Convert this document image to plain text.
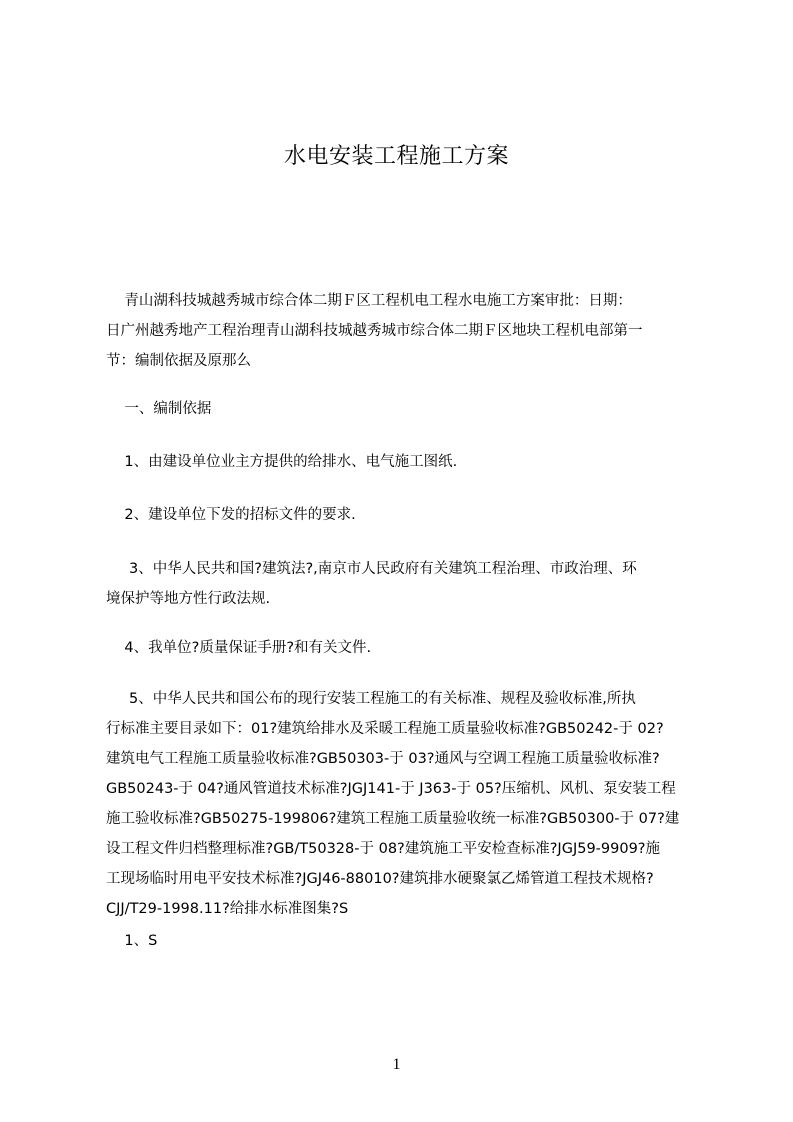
水电安装工程施工方案
青山湖科技城越秀城市综合体二期Ｆ区工程机电工程水电施工方案审批：日期：
日广州越秀地产工程治理青山湖科技城越秀城市综合体二期Ｆ区地块工程机电部第一
节：编制依据及原那么
一、编制依据
1、由建设单位业主方提供的给排水、电气施工图纸.
2、建设单位下发的招标文件的要求.
3、中华人民共和国?建筑法?,南京市人民政府有关建筑工程治理、市政治理、环
境保护等地方性行政法规.
4、我单位?质量保证手册?和有关文件.
5、中华人民共和国公布的现行安装工程施工的有关标准、规程及验收标准,所执
行标准主要目录如下：01?建筑给排水及采暖工程施工质量验收标准?GB50242-于 02?
建筑电气工程施工质量验收标准?GB50303-于 03?通风与空调工程施工质量验收标准?
GB50243-于 04?通风管道技术标准?JGJ141-于 J363-于 05?压缩机、风机、泵安装工程
施工验收标准?GB50275-199806?建筑工程施工质量验收统一标准?GB50300-于 07?建
设工程文件归档整理标准?GB/T50328-于 08?建筑施工平安检查标准?JGJ59-9909?施
工现场临时用电平安技术标准?JGJ46-88010?建筑排水硬聚氯乙烯管道工程技术规格?
CJJ/T29-1998.11?给排水标准图集?S
1、S
1
